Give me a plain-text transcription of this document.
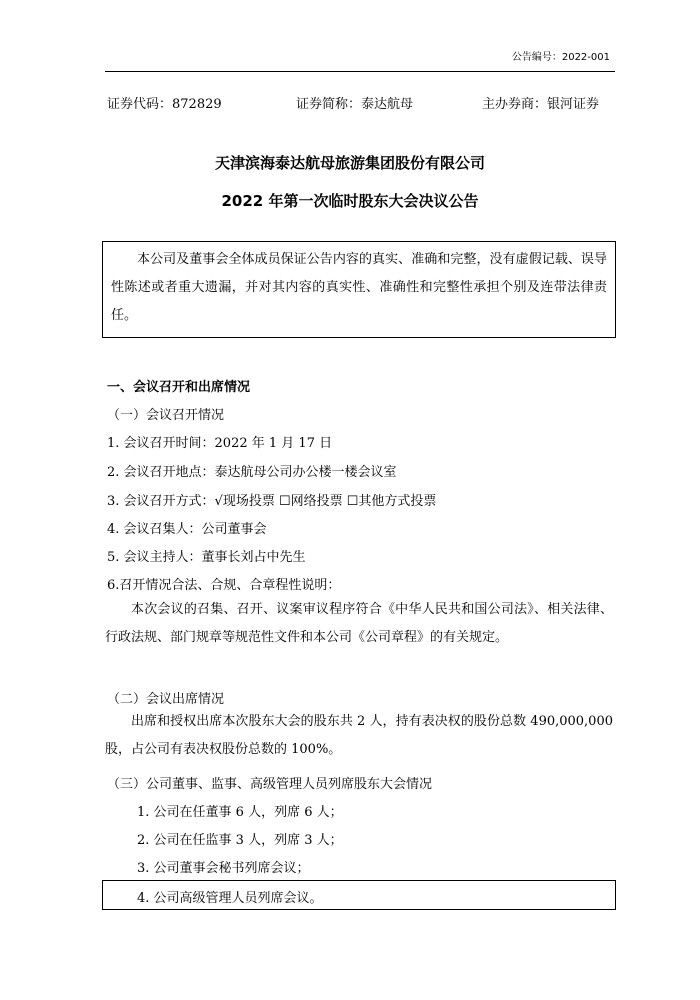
公告编号：2022-001
证券代码：872829	证券简称：泰达航母	主办券商：银河证券
天津滨海泰达航母旅游集团股份有限公司
2022 年第一次临时股东大会决议公告

本公司及董事会全体成员保证公告内容的真实、准确和完整，没有虚假记载、误导性陈述或者重大遗漏，并对其内容的真实性、准确性和完整性承担个别及连带法律责任。

一、会议召开和出席情况
（一）会议召开情况
1. 会议召开时间：2022 年 1 月 17 日
2. 会议召开地点：泰达航母公司办公楼一楼会议室
3. 会议召开方式：√现场投票 ☐网络投票 ☐其他方式投票
4. 会议召集人：公司董事会
5. 会议主持人：董事长刘占中先生
6.召开情况合法、合规、合章程性说明：

本次会议的召集、召开、议案审议程序符合《中华人民共和国公司法》、相关法律、行政法规、部门规章等规范性文件和本公司《公司章程》的有关规定。

（二）会议出席情况

出席和授权出席本次股东大会的股东共 2 人，持有表决权的股份总数 490,000,000 股，占公司有表决权股份总数的 100%。

（三）公司董事、监事、高级管理人员列席股东大会情况
1. 公司在任董事 6 人，列席 6 人；
2. 公司在任监事 3 人，列席 3 人；
3. 公司董事会秘书列席会议；
4. 公司高级管理人员列席会议。
